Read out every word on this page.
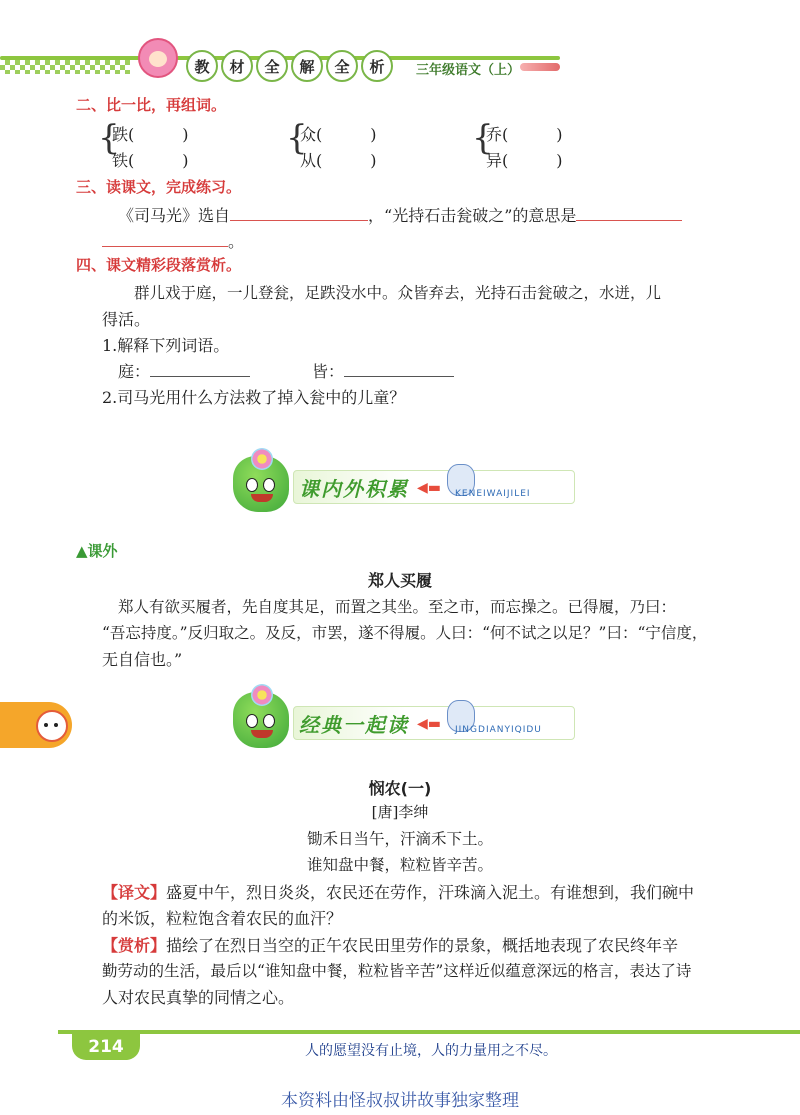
教	材	全	解	全	析	三年级语文（上）
二、比一比，再组词。
{
跌(　　　)
铁(　　　)
{
众(　　　)
从(　　　)
{
乔(　　　)
异(　　　)
三、读课文，完成练习。
《司马光》选自	，“光持石击瓮破之”的意思是
。
四、课文精彩段落赏析。
群儿戏于庭，一儿登瓮，足跌没水中。众皆弃去，光持石击瓮破之，水迸，儿
得活。
1.解释下列词语。
庭：	皆：
2.司马光用什么方法救了掉入瓮中的儿童？
课内外积累 ◀▬ KENEIWAIJILEI
▲课外
郑人买履
郑人有欲买履者，先自度其足，而置之其坐。至之市，而忘操之。已得履，乃曰：
“吾忘持度。”反归取之。及反，市罢，遂不得履。人曰：“何不试之以足？”曰：“宁信度，
无自信也。”
经典一起读 ◀▬ JINGDIANYIQIDU
悯农(一)
[唐]李绅
锄禾日当午，汗滴禾下土。
谁知盘中餐，粒粒皆辛苦。
【译文】盛夏中午，烈日炎炎，农民还在劳作，汗珠滴入泥土。有谁想到，我们碗中
的米饭，粒粒饱含着农民的血汗？
【赏析】描绘了在烈日当空的正午农民田里劳作的景象，概括地表现了农民终年辛
勤劳动的生活，最后以“谁知盘中餐，粒粒皆辛苦”这样近似蕴意深远的格言，表达了诗
人对农民真挚的同情之心。
214	人的愿望没有止境，人的力量用之不尽。
本资料由怪叔叔讲故事独家整理
